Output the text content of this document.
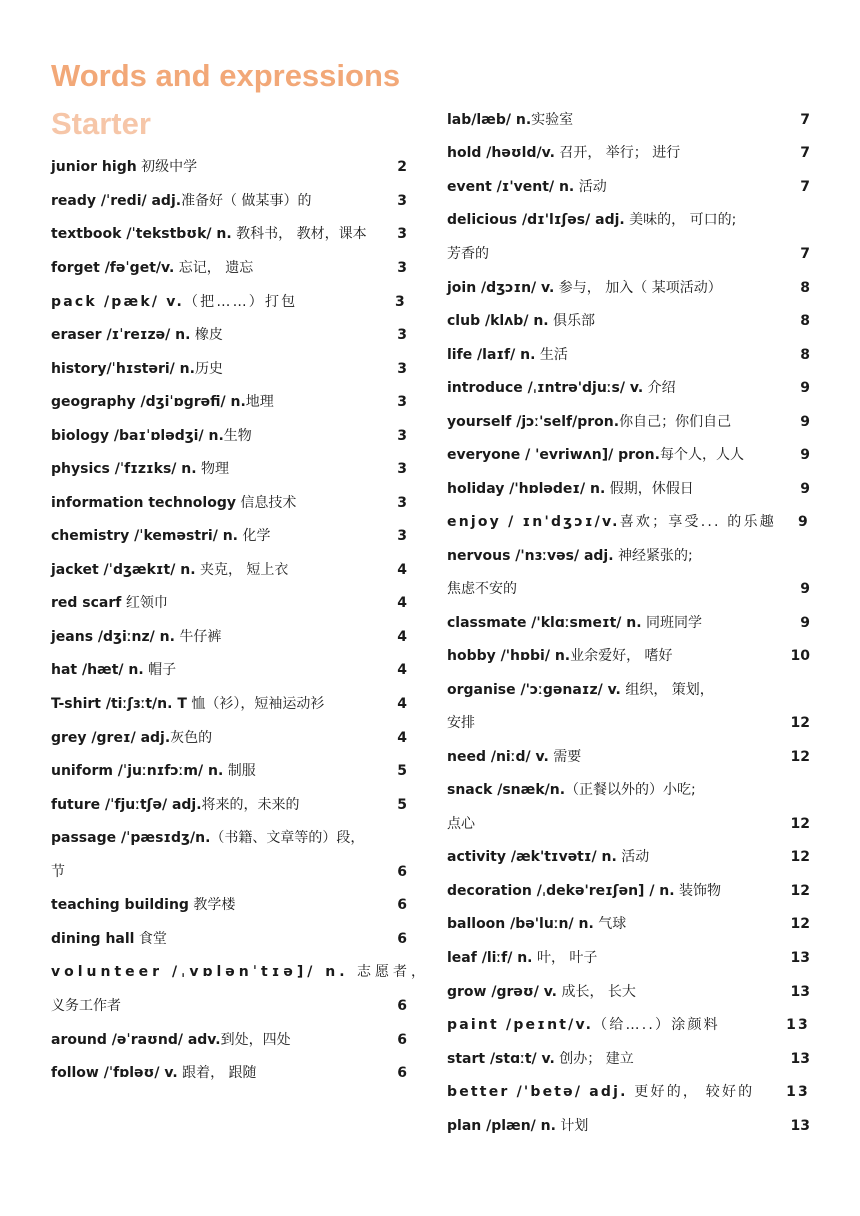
Words and expressions
Starter
junior high 初级中学	2
ready /ˈredi/ adj.准备好（ 做某事）的	3
textbook /ˈtekstbʊk/ n. 教科书， 教材，课本 3
forget /fəˈget/v. 忘记， 遗忘	3
pack /pæk/ v.（把……）打包	3
eraser /ɪˈreɪzə/ n. 橡皮	3
history/ˈhɪstəri/ n.历史	3
geography /dʒiˈɒgrəfi/ n.地理	3
biology /baɪˈɒlədʒi/ n.生物	3
physics /ˈfɪzɪks/ n. 物理	3
information technology 信息技术	3
chemistry /ˈkeməstri/ n. 化学	3
jacket /ˈdʒækɪt/ n. 夹克， 短上衣	4
red scarf 红领巾	4
jeans /dʒiːnz/ n. 牛仔裤	4
hat /hæt/ n. 帽子	4
T-shirt /tiːʃɜːt/n. T 恤（衫），短袖运动衫	4
grey /greɪ/ adj.灰色的	4
uniform /ˈjuːnɪfɔːm/ n. 制服	5
future /ˈfjuːtʃə/ adj.将来的，未来的	5
passage /ˈpæsɪdʒ/n.（书籍、文章等的）段，
节	6
teaching building 教学楼	6
dining hall 食堂	6
volunteer /ˌvɒlənˈtɪə]/ n. 志愿者，
义务工作者	6
around /əˈraʊnd/ adv.到处，四处	6
follow /ˈfɒləʊ/ v. 跟着， 跟随	6
lab/læb/ n.实验室	7
hold /həʊld/v. 召开， 举行； 进行	7
event /ɪ'vent/ n. 活动	7
delicious /dɪ'lɪʃəs/ adj. 美味的， 可口的;
芳香的	7
join /dʒɔɪn/ v. 参与， 加入（ 某项活动）	8
club /klʌb/ n. 俱乐部	8
life /laɪf/ n. 生活	8
introduce /ˌɪntrə'djuːs/ v. 介绍	9
yourself /jɔː'self/pron.你自己；你们自己	9
everyone / 'evriwʌn]/ pron.每个人，人人	9
holiday /'hɒlədeɪ/ n. 假期，休假日	9
enjoy / ɪn'dʒɔɪ/v.喜欢；享受... 的乐趣 9
nervous /'nɜːvəs/ adj. 神经紧张的;
焦虑不安的	9
classmate /'klɑːsmeɪt/ n. 同班同学	9
hobby /'hɒbi/ n.业余爱好， 嗜好	10
organise /'ɔːgənaɪz/ v. 组织， 策划，
安排	12
need /niːd/ v. 需要	12
snack /snæk/n.（正餐以外的）小吃;
点心	12
activity /æk'tɪvətɪ/ n. 活动	12
decoration /ˌdekə'reɪʃən] / n. 装饰物	12
balloon /bə'luːn/ n. 气球	12
leaf /liːf/ n. 叶， 叶子	13
grow /grəʊ/ v. 成长， 长大	13
paint /peɪnt/v.（给…..）涂颜料	13
start /stɑːt/ v. 创办； 建立	13
better /'betə/ adj. 更好的， 较好的 13
plan /plæn/ n. 计划	13
